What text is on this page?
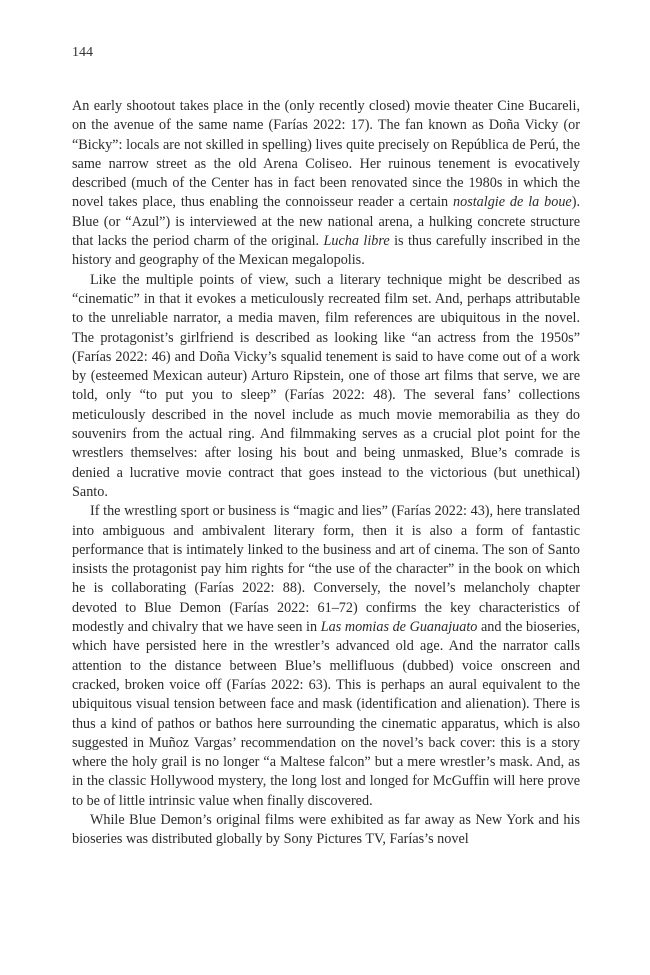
144

An early shootout takes place in the (only recently closed) movie theater Cine Bucareli, on the avenue of the same name (Farías 2022: 17). The fan known as Doña Vicky (or “Bicky”: locals are not skilled in spelling) lives quite precisely on República de Perú, the same narrow street as the old Arena Coliseo. Her ruinous tenement is evocatively described (much of the Center has in fact been renovated since the 1980s in which the novel takes place, thus enabling the connoisseur reader a certain nostalgie de la boue). Blue (or “Azul”) is interviewed at the new national arena, a hulking concrete structure that lacks the period charm of the original. Lucha libre is thus carefully inscribed in the history and geography of the Mexican megalopolis.

Like the multiple points of view, such a literary technique might be described as “cinematic” in that it evokes a meticulously recreated film set. And, perhaps attributable to the unreliable narrator, a media maven, film references are ubiquitous in the novel. The protagonist’s girlfriend is described as looking like “an actress from the 1950s” (Farías 2022: 46) and Doña Vicky’s squalid tenement is said to have come out of a work by (esteemed Mexican auteur) Arturo Ripstein, one of those art films that serve, we are told, only “to put you to sleep” (Farías 2022: 48). The several fans’ collections meticulously described in the novel include as much movie memorabilia as they do souvenirs from the actual ring. And filmmaking serves as a crucial plot point for the wrestlers themselves: after losing his bout and being unmasked, Blue’s comrade is denied a lucrative movie contract that goes instead to the victorious (but unethical) Santo.

If the wrestling sport or business is “magic and lies” (Farías 2022: 43), here translated into ambiguous and ambivalent literary form, then it is also a form of fantastic performance that is intimately linked to the business and art of cinema. The son of Santo insists the protagonist pay him rights for “the use of the character” in the book on which he is collaborating (Farías 2022: 88). Conversely, the novel’s melancholy chapter devoted to Blue Demon (Farías 2022: 61–72) confirms the key characteristics of modestly and chivalry that we have seen in Las momias de Guanajuato and the bioseries, which have persisted here in the wrestler’s advanced old age. And the narrator calls attention to the distance between Blue’s mellifluous (dubbed) voice onscreen and cracked, broken voice off (Farías 2022: 63). This is perhaps an aural equivalent to the ubiquitous visual tension between face and mask (identification and alienation). There is thus a kind of pathos or bathos here surrounding the cinematic apparatus, which is also suggested in Muñoz Vargas’ recommendation on the novel’s back cover: this is a story where the holy grail is no longer “a Maltese falcon” but a mere wrestler’s mask. And, as in the classic Hollywood mystery, the long lost and longed for McGuffin will here prove to be of little intrinsic value when finally discovered.

While Blue Demon’s original films were exhibited as far away as New York and his bioseries was distributed globally by Sony Pictures TV, Farías’s novel
